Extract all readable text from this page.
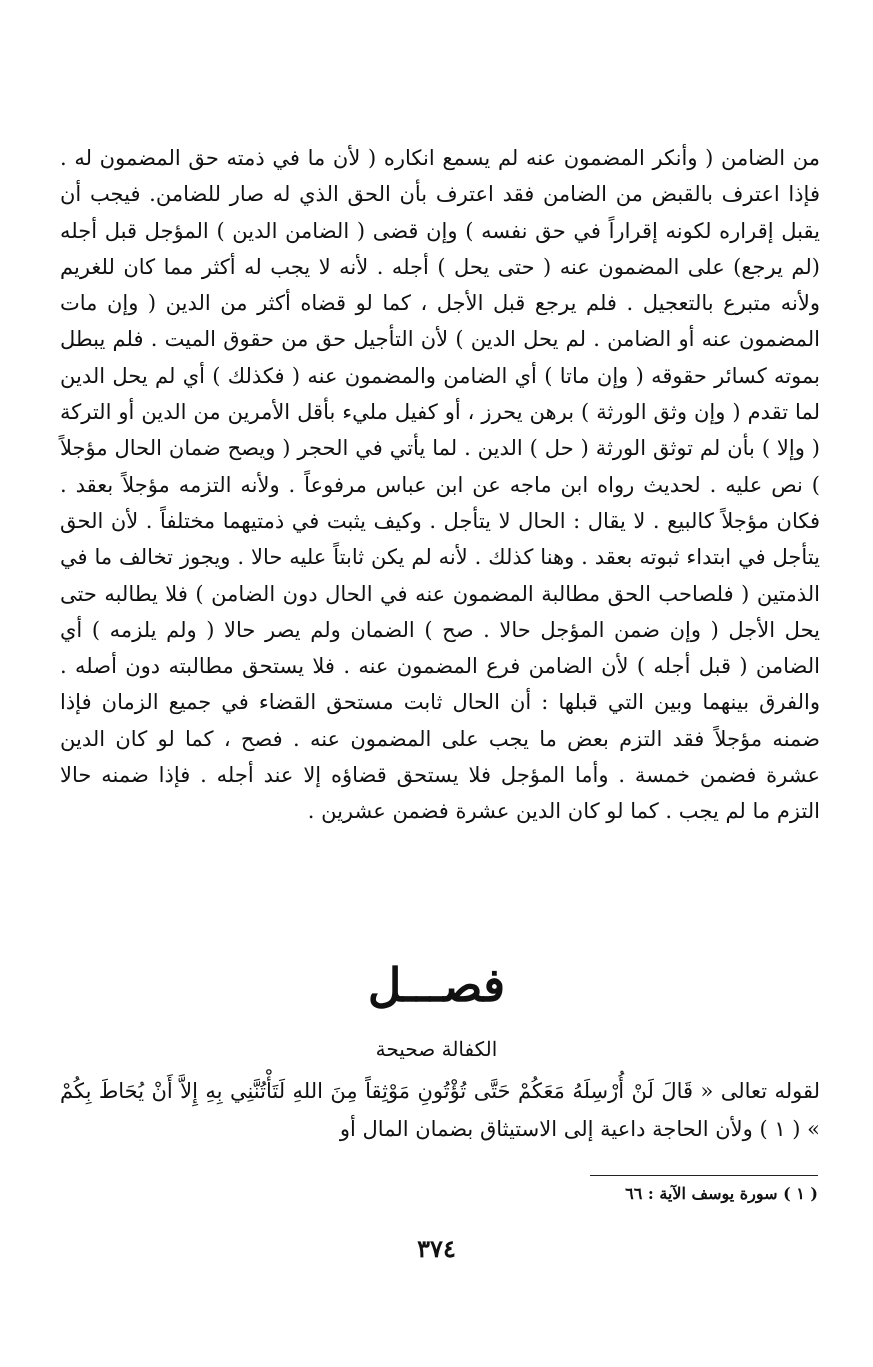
من الضامن ( وأنكر المضمون عنه لم يسمع انكاره ( لأن ما في ذمته حق المضمون له . فإذا اعترف بالقبض من الضامن فقد اعترف بأن الحق الذي له صار للضامن. فيجب أن يقبل إقراره لكونه إقراراً في حق نفسه ) وإن قضى ( الضامن الدين ) المؤجل قبل أجله (لم يرجع) على المضمون عنه ( حتى يحل ) أجله . لأنه لا يجب له أكثر مما كان للغريم ولأنه متبرع بالتعجيل . فلم يرجع قبل الأجل ، كما لو قضاه أكثر من الدين ( وإن مات المضمون عنه أو الضامن . لم يحل الدين ) لأن التأجيل حق من حقوق الميت . فلم يبطل بموته كسائر حقوقه ( وإن ماتا ) أي الضامن والمضمون عنه ( فكذلك ) أي لم يحل الدين لما تقدم ( وإن وثق الورثة ) برهن يحرز ، أو كفيل مليء بأقل الأمرين من الدين أو التركة ( وإلا ) بأن لم توثق الورثة ( حل ) الدين . لما يأتي في الحجر ( ويصح ضمان الحال مؤجلاً ) نص عليه . لحديث رواه ابن ماجه عن ابن عباس مرفوعاً . ولأنه التزمه مؤجلاً بعقد . فكان مؤجلاً كالبيع . لا يقال : الحال لا يتأجل . وكيف يثبت في ذمتيهما مختلفاً . لأن الحق يتأجل في ابتداء ثبوته بعقد . وهنا كذلك . لأنه لم يكن ثابتاً عليه حالا . ويجوز تخالف ما في الذمتين ( فلصاحب الحق مطالبة المضمون عنه في الحال دون الضامن ) فلا يطالبه حتى يحل الأجل ( وإن ضمن المؤجل حالا . صح ) الضمان ولم يصر حالا ( ولم يلزمه ) أي الضامن ( قبل أجله ) لأن الضامن فرع المضمون عنه . فلا يستحق مطالبته دون أصله . والفرق بينهما وبين التي قبلها : أن الحال ثابت مستحق القضاء في جميع الزمان فإذا ضمنه مؤجلاً فقد التزم بعض ما يجب على المضمون عنه . فصح ، كما لو كان الدين عشرة فضمن خمسة . وأما المؤجل فلا يستحق قضاؤه إلا عند أجله . فإذا ضمنه حالا التزم ما لم يجب . كما لو كان الدين عشرة فضمن عشرين .

فصـــل
الكفالة صحيحة
لقوله تعالى « قَالَ لَنْ أُرْسِلَهُ مَعَكُمْ حَتَّى تُؤْتُونِ مَوْثِقاً مِنَ اللهِ لَتَأْتُنَّنِي بِهِ إِلاَّ أَنْ يُحَاطَ بِكُمْ » ( ١ ) ولأن الحاجة داعية إلى الاستيثاق بضمان المال أو
( ١ ) سورة يوسف الآية : ٦٦
٣٧٤
